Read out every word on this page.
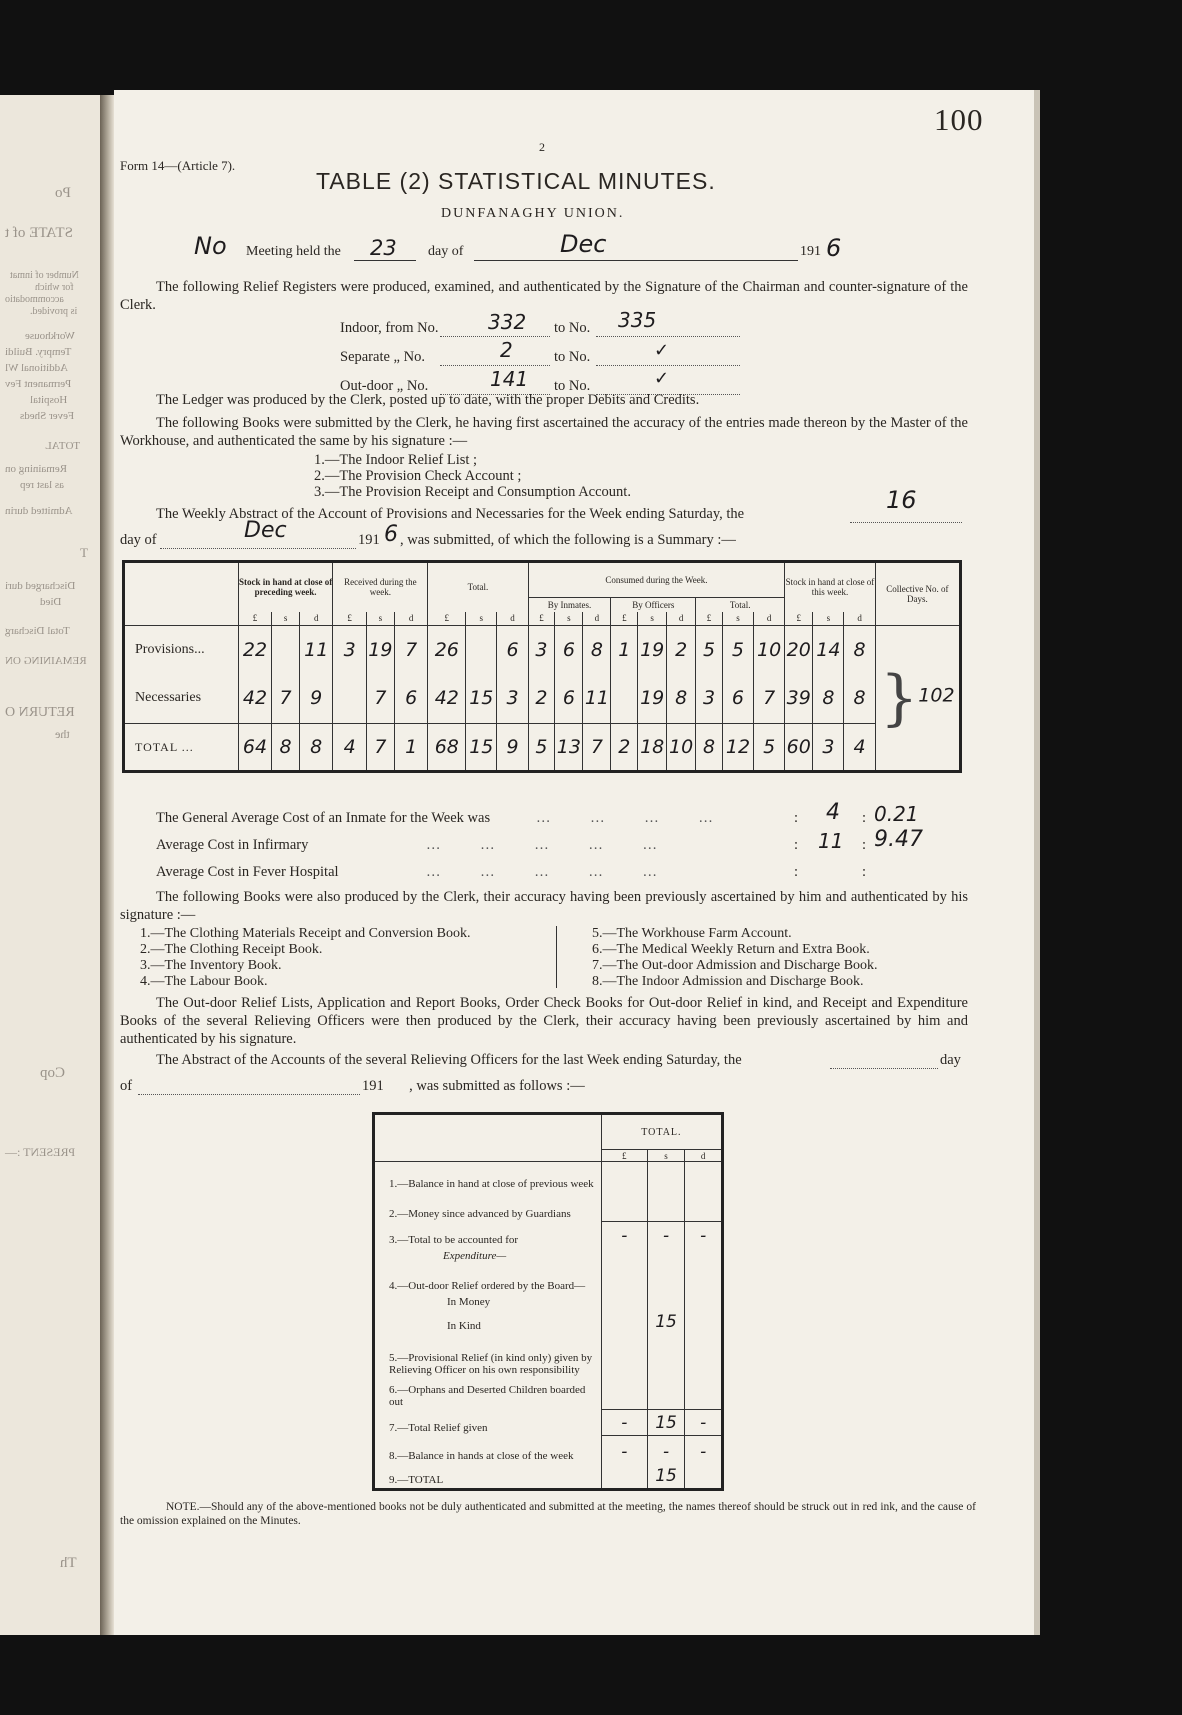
Po
STATE of t
Number of inmat
for which
accommodatio
is provided.
Workhouse
Tempry. Buildi
Additional Wl
Permanent Fev
Hospital
Fever Sheds
TOTAL
Remaining on
as last rep
Admitted durin
T
Discharged duri
Died
Total Discharg
REMAINING ON
RETURN O
the
Cop
PRESENT :—
Th
100
2
Form 14—(Article 7).
TABLE (2) STATISTICAL MINUTES.
DUNFANAGHY UNION.
No Meeting held the 23 day of	Dec	191 6
The following Relief Registers were produced, examined, and authenticated by the Signature of the Chairman and counter-signature of the Clerk.
Indoor, from No. 332 to No. 335
Separate „ No.	2	to No.	✓
Out-door „ No.	141 to No.	✓
The Ledger was produced by the Clerk, posted up to date, with the proper Debits and Credits.
The following Books were submitted by the Clerk, he having first ascertained the accuracy of the entries made thereon by the Master of the Workhouse, and authenticated the same by his signature :—
1.—The Indoor Relief List ;
2.—The Provision Check Account ;
3.—The Provision Receipt and Consumption Account.
The Weekly Abstract of the Account of Provisions and Necessaries for the Week ending Saturday, the	16
day of	Dec	191 6 , was submitted, of which the following is a Summary :—
	Stock in hand at close of preceding week.			Received during the week.			Total.			Consumed during the Week.									Stock in hand at close of this week.			Collective No. of Days.
										By Inmates.			By Officers			Total.						
	£	s	d	£	s	d	£	s	d	£	s	d	£	s	d	£	s	d	£	s	d	
Provisions...	22		11	3	19	7	26		6	3	6	8	1	19	2	5	5	10	20	14	8	}102
Necessaries	42	7	9		7	6	42	15	3	2	6	11		19	8	3	6	7	39	8	8	
TOTAL ...	64	8	8	4	7	1	68	15	9	5	13	7	2	18	10	8	12	5	60	3	4	
The General Average Cost of an Inmate for the Week was	… … … …	: 4 : 0.21
Average Cost in Infirmary	… … … … …	: 11 : 9.47
Average Cost in Fever Hospital	… … … … …	:	:
The following Books were also produced by the Clerk, their accuracy having been previously ascertained by him and authenticated by his signature :—
1.—The Clothing Materials Receipt and Conversion Book.
2.—The Clothing Receipt Book.
3.—The Inventory Book.
4.—The Labour Book.
5.—The Workhouse Farm Account.
6.—The Medical Weekly Return and Extra Book.
7.—The Out-door Admission and Discharge Book.
8.—The Indoor Admission and Discharge Book.
The Out-door Relief Lists, Application and Report Books, Order Check Books for Out-door Relief in kind, and Receipt and Expenditure Books of the several Relieving Officers were then produced by the Clerk, their accuracy having been previously ascertained by him and authenticated by his signature.
The Abstract of the Accounts of the several Relieving Officers for the last Week ending Saturday, the	day
of	191       , was submitted as follows :—
	TOTAL.		
	£	s	d
1.—Balance in hand at close of previous week			
2.—Money since advanced by Guardians			
3.—Total to be accounted for	-	-	-
Expenditure—			
4.—Out-door Relief ordered by the Board—			
In Money			
In Kind		15	
5.—Provisional Relief (in kind only) given by Relieving Officer on his own responsibility			
6.—Orphans and Deserted Children boarded out			
7.—Total Relief given	-	15	-
8.—Balance in hands at close of the week	-	-	-
9.—TOTAL		15	
NOTE.—Should any of the above-mentioned books not be duly authenticated and submitted at the meeting, the names thereof should be struck out in red ink, and the cause of the omission explained on the Minutes.
